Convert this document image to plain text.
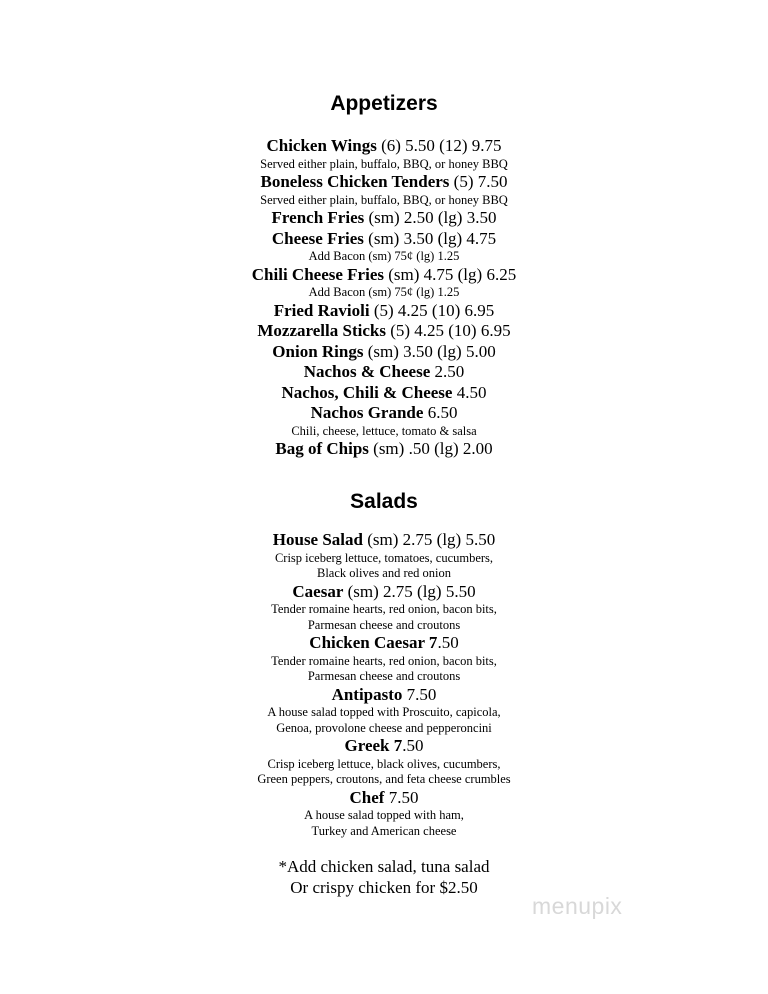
Appetizers
Chicken Wings (6) 5.50 (12) 9.75
Served either plain, buffalo, BBQ, or honey BBQ
Boneless Chicken Tenders (5) 7.50
Served either plain, buffalo, BBQ, or honey BBQ
French Fries (sm) 2.50 (lg) 3.50
Cheese Fries (sm) 3.50 (lg) 4.75
Add Bacon (sm) 75¢ (lg) 1.25
Chili Cheese Fries (sm) 4.75 (lg) 6.25
Add Bacon (sm) 75¢ (lg) 1.25
Fried Ravioli (5) 4.25 (10) 6.95
Mozzarella Sticks (5) 4.25 (10) 6.95
Onion Rings (sm) 3.50 (lg) 5.00
Nachos & Cheese 2.50
Nachos, Chili & Cheese 4.50
Nachos Grande 6.50
Chili, cheese, lettuce, tomato & salsa
Bag of Chips (sm) .50 (lg) 2.00
Salads
House Salad (sm) 2.75 (lg) 5.50
Crisp iceberg lettuce, tomatoes, cucumbers,
Black olives and red onion
Caesar (sm) 2.75 (lg) 5.50
Tender romaine hearts, red onion, bacon bits,
Parmesan cheese and croutons
Chicken Caesar 7.50
Tender romaine hearts, red onion, bacon bits,
Parmesan cheese and croutons
Antipasto 7.50
A house salad topped with Proscuito, capicola,
Genoa, provolone cheese and pepperoncini
Greek 7.50
Crisp iceberg lettuce, black olives, cucumbers,
Green peppers, croutons, and feta cheese crumbles
Chef 7.50
A house salad topped with ham,
Turkey and American cheese
*Add chicken salad, tuna salad
Or crispy chicken for $2.50
menupix
